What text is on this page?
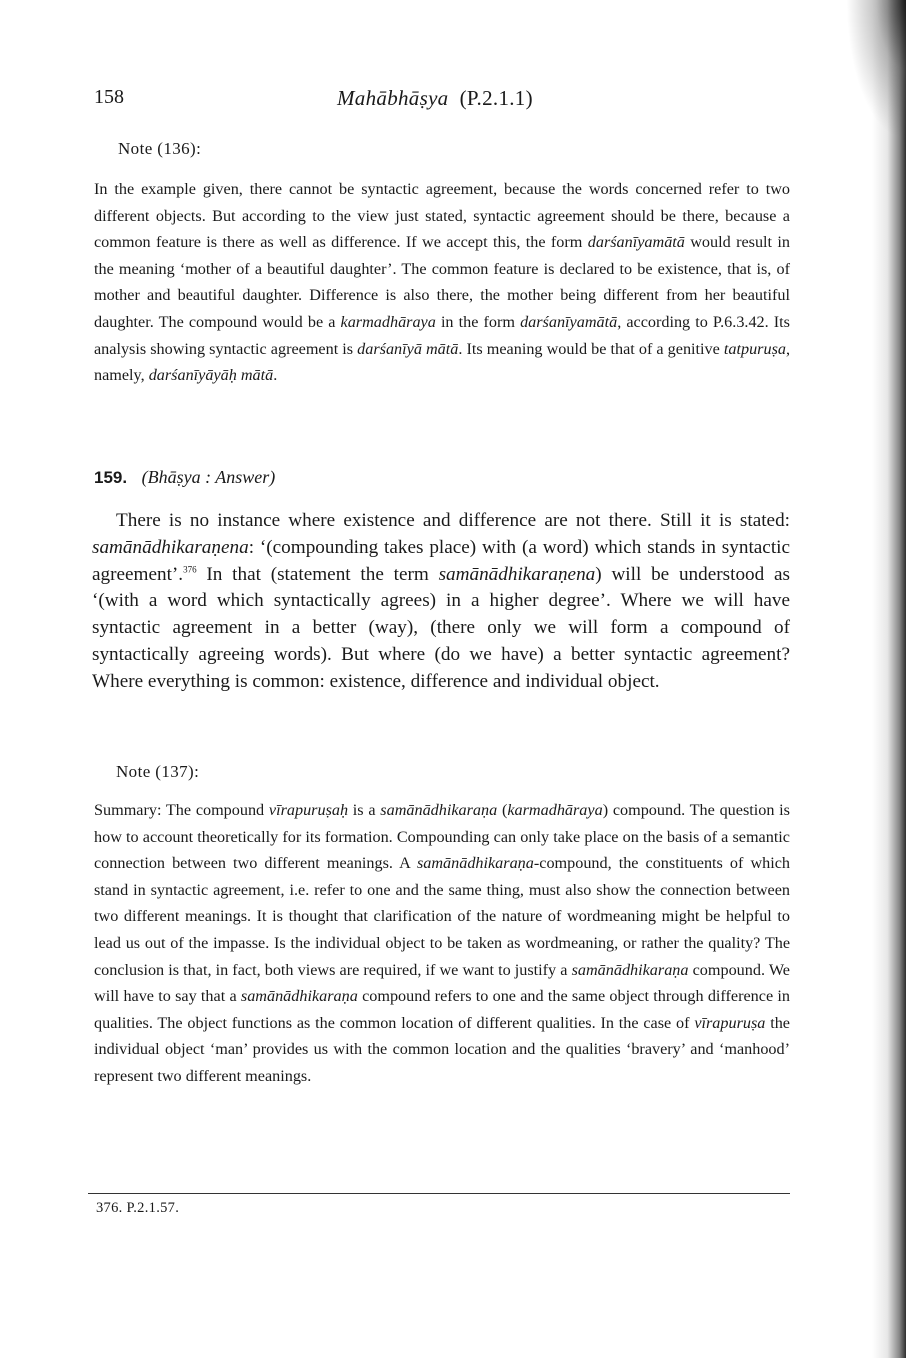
158	Mahābhāṣya (P.2.1.1)
Note (136):

In the example given, there cannot be syntactic agreement, because the words concerned refer to two different objects. But according to the view just stated, syntactic agreement should be there, because a common feature is there as well as difference. If we accept this, the form darśanīyamātā would result in the meaning ‘mother of a beautiful daughter’. The common feature is declared to be existence, that is, of mother and beautiful daughter. Difference is also there, the mother being different from her beautiful daughter. The compound would be a karmadhāraya in the form darśanīyamātā, according to P.6.3.42. Its analysis showing syntactic agreement is darśanīyā mātā. Its meaning would be that of a genitive tatpuruṣa, namely, darśanīyāyāḥ mātā.

159. (Bhāṣya : Answer)

There is no instance where existence and difference are not there. Still it is stated: samānādhikaraṇena: ‘(compounding takes place) with (a word) which stands in syntactic agreement’.$^{376}$ In that (statement the term samānādhikaraṇena) will be understood as ‘(with a word which syntactically agrees) in a higher degree’. Where we will have syntactic agreement in a better (way), (there only we will form a compound of syntactically agreeing words). But where (do we have) a better syntactic agreement? Where everything is common: existence, difference and individual object.

Note (137):

Summary: The compound vīrapuruṣaḥ is a samānādhikaraṇa (karmadhāraya) compound. The question is how to account theoretically for its formation. Compounding can only take place on the basis of a semantic connection between two different meanings. A samānādhikaraṇa-compound, the constituents of which stand in syntactic agreement, i.e. refer to one and the same thing, must also show the connection between two different meanings. It is thought that clarification of the nature of wordmeaning might be helpful to lead us out of the impasse. Is the individual object to be taken as wordmeaning, or rather the quality? The conclusion is that, in fact, both views are required, if we want to justify a samānādhikaraṇa compound. We will have to say that a samānādhikaraṇa compound refers to one and the same object through difference in qualities. The object functions as the common location of different qualities. In the case of vīrapuruṣa the individual object ‘man’ provides us with the common location and the qualities ‘bravery’ and ‘manhood’ represent two different meanings.

376. P.2.1.57.
